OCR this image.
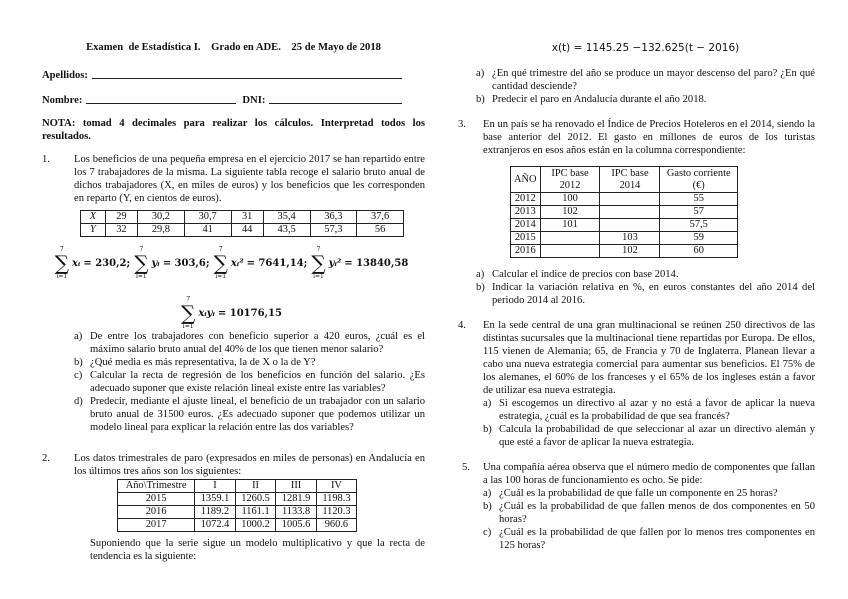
Examen  de Estadística I.    Grado en ADE.    25 de Mayo de 2018
Apellidos:
Nombre:	DNI:
NOTA: tomad 4 decimales para realizar los cálculos. Interpretad todos los resultados.
1. Los beneficios de una pequeña empresa en el ejercicio 2017 se han repartido entre los 7 trabajadores de la misma. La siguiente tabla recoge el salario bruto anual de dichos trabajadores (X, en miles de euros) y los beneficios que les corresponden en reparto (Y, en cientos de euros).
X	29	30,2	30,7	31	35,4	36,3	37,6
Y	32	29,8	41	44	43,5	57,3	56
7
∑
i=1
xᵢ = 230,2;
7
∑
i=1
yᵢ = 303,6;
7
∑
i=1
xᵢ² = 7641,14;
7
∑
i=1
yᵢ² = 13840,58
7
∑
i=1
xᵢyᵢ = 10176,15
a) De entre los trabajadores con beneficio superior a 420 euros, ¿cuál es el máximo salario bruto anual del 40% de los que tienen menor salario?
b) ¿Qué media es más representativa, la de X o la de Y?
c) Calcular la recta de regresión de los beneficios en función del salario. ¿Es adecuado suponer que existe relación lineal existe entre las variables?
d) Predecir, mediante el ajuste lineal, el beneficio de un trabajador con un salario bruto anual de 31500 euros. ¿Es adecuado suponer que podemos utilizar un modelo lineal para explicar la relación entre las dos variables?
2. Los datos trimestrales de paro (expresados en miles de personas) en Andalucía en los últimos tres años son los siguientes:
Año\Trimestre	I	II	III	IV
2015	1359.1	1260.5	1281.9	1198.3
2016	1189.2	1161.1	1133.8	1120.3
2017	1072.4	1000.2	1005.6	960.6
Suponiendo que la serie sigue un modelo multiplicativo y que la recta de tendencia es la siguiente:
x(t) = 1145.25 −132.625(t − 2016)
a) ¿En qué trimestre del año se produce un mayor descenso del paro? ¿En qué cantidad desciende?
b) Predecir el paro en Andalucía durante el año 2018.
3. En un país se ha renovado el Índice de Precios Hoteleros en el 2014, siendo la base anterior del 2012. El gasto en millones de euros de los turistas extranjeros en esos años están en la columna correspondiente:
AÑO	IPC base 2012	IPC base 2014	Gasto corriente (€)
2012	100		55
2013	102		57
2014	101		57,5
2015		103	59
2016		102	60
a) Calcular el índice de precios con base 2014.
b) Indicar la variación relativa en %, en euros constantes del año 2014 del periodo 2014 al 2016.
4. En la sede central de una gran multinacional se reúnen 250 directivos de las distintas sucursales que la multinacional tiene repartidas por Europa. De ellos, 115 vienen de Alemania; 65, de Francia y 70 de Inglaterra. Planean llevar a cabo una nueva estrategia comercial para aumentar sus beneficios. El 75% de los alemanes, el 60% de los franceses y el 65% de los ingleses están a favor de utilizar esa nueva estrategia.
a) Si escogemos un directivo al azar y no está a favor de aplicar la nueva estrategia, ¿cuál es la probabilidad de que sea francés?
b) Calcula la probabilidad de que seleccionar al azar un directivo alemán y que esté a favor de aplicar la nueva estrategia.
5. Una compañía aérea observa que el número medio de componentes que fallan a las 100 horas de funcionamiento es ocho. Se pide:
a) ¿Cuál es la probabilidad de que falle un componente en 25 horas?
b) ¿Cuál es la probabilidad de que fallen menos de dos componentes en 50 horas?
c) ¿Cuál es la probabilidad de que fallen por lo menos tres componentes en 125 horas?
